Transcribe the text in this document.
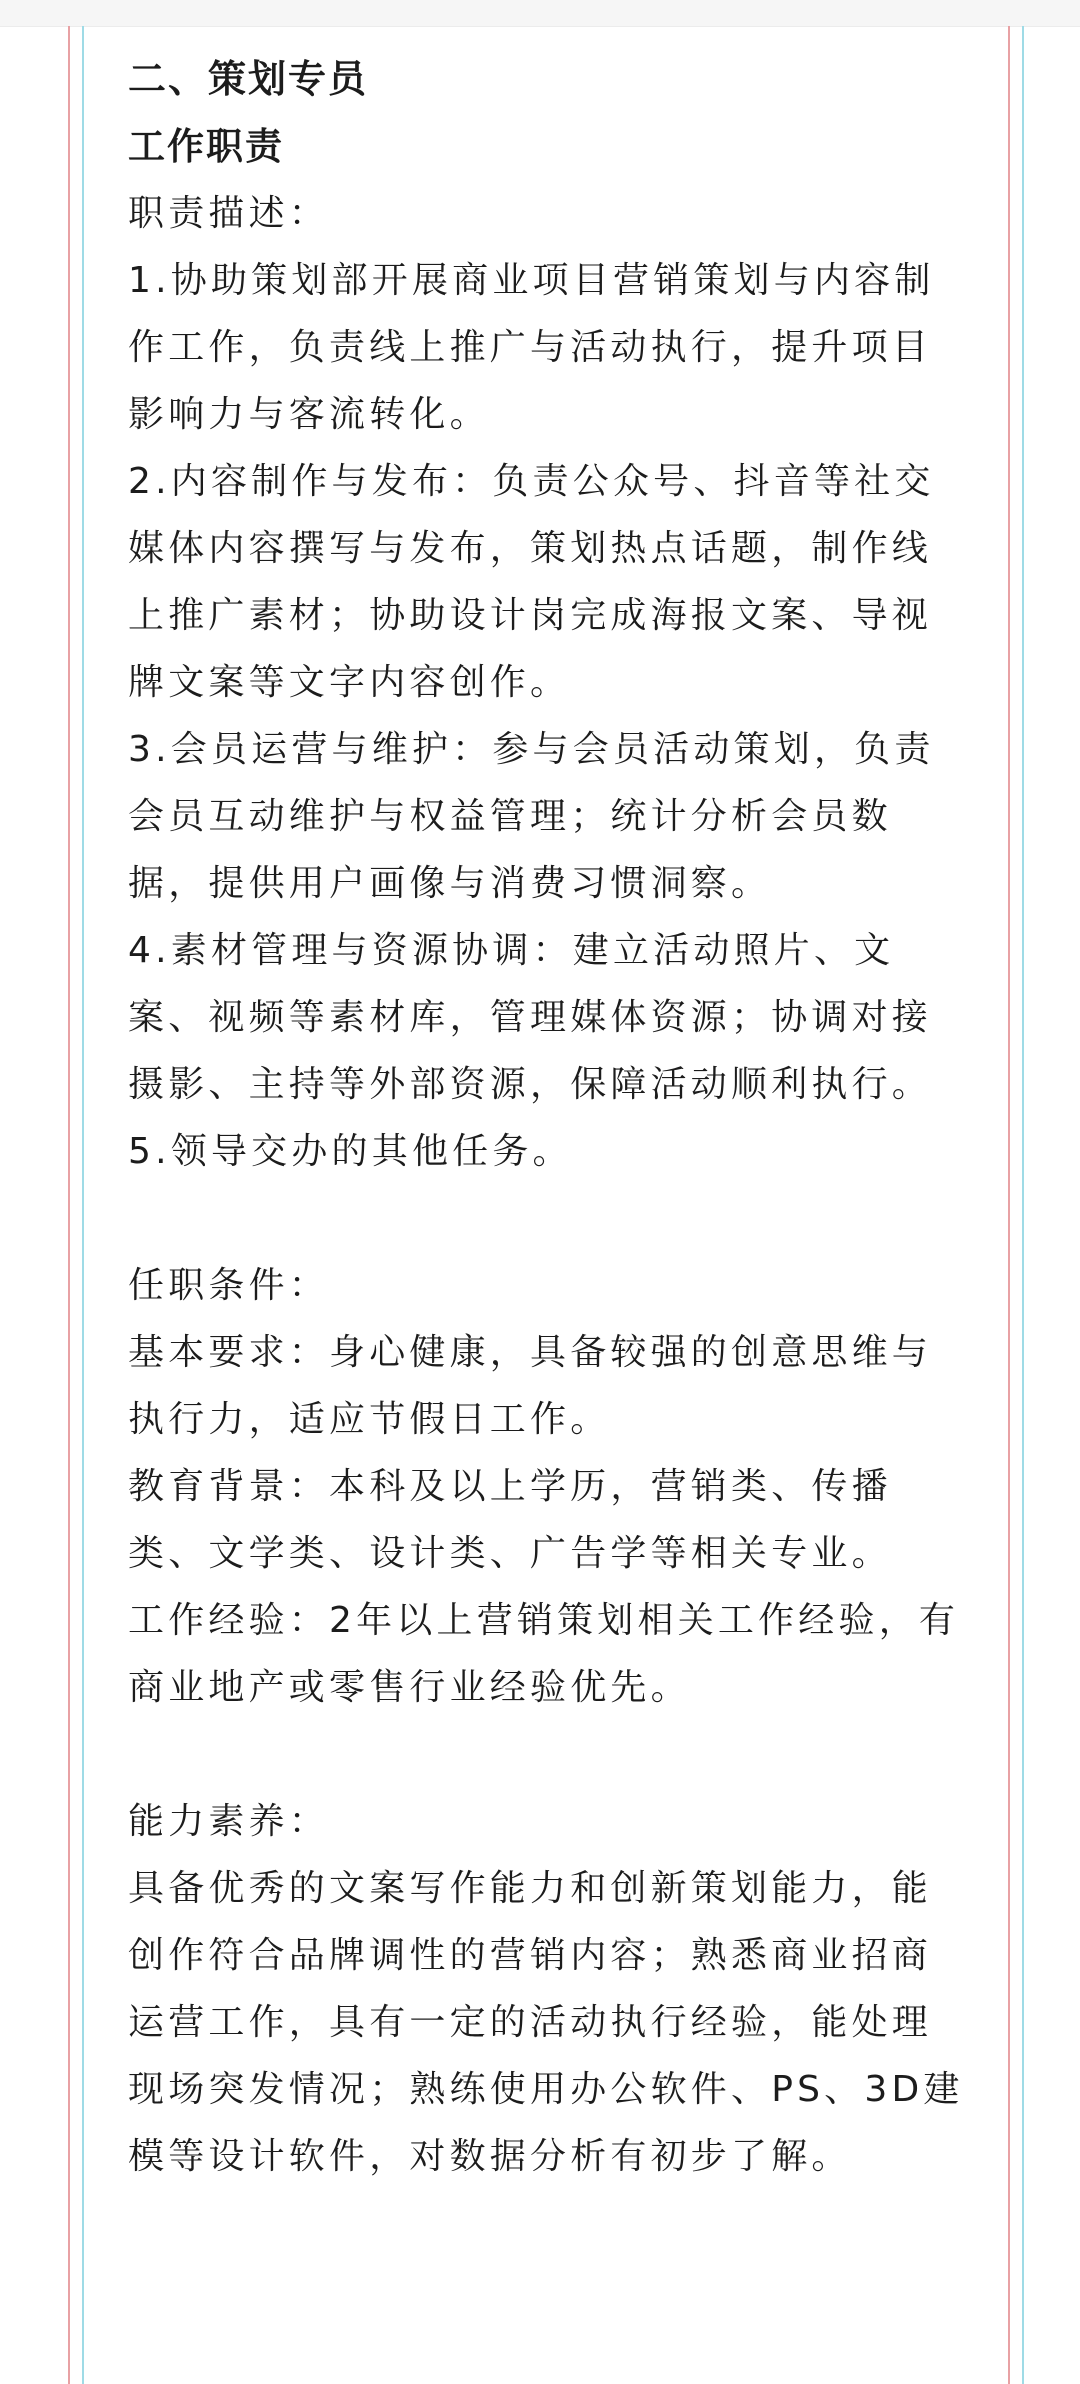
二、策划专员
工作职责

职责描述：

1.协助策划部开展商业项目营销策划与内容制作工作，负责线上推广与活动执行，提升项目影响力与客流转化。

2.内容制作与发布：负责公众号、抖音等社交媒体内容撰写与发布，策划热点话题，制作线上推广素材；协助设计岗完成海报文案、导视牌文案等文字内容创作。

3.会员运营与维护：参与会员活动策划，负责会员互动维护与权益管理；统计分析会员数据，提供用户画像与消费习惯洞察。

4.素材管理与资源协调：建立活动照片、文案、视频等素材库，管理媒体资源；协调对接摄影、主持等外部资源，保障活动顺利执行。

5.领导交办的其他任务。

任职条件：

基本要求：身心健康，具备较强的创意思维与执行力，适应节假日工作。

教育背景：本科及以上学历，营销类、传播类、文学类、设计类、广告学等相关专业。

工作经验：2年以上营销策划相关工作经验，有商业地产或零售行业经验优先。

能力素养：

具备优秀的文案写作能力和创新策划能力，能创作符合品牌调性的营销内容；熟悉商业招商运营工作，具有一定的活动执行经验，能处理现场突发情况；熟练使用办公软件、PS、3D建模等设计软件，对数据分析有初步了解。
